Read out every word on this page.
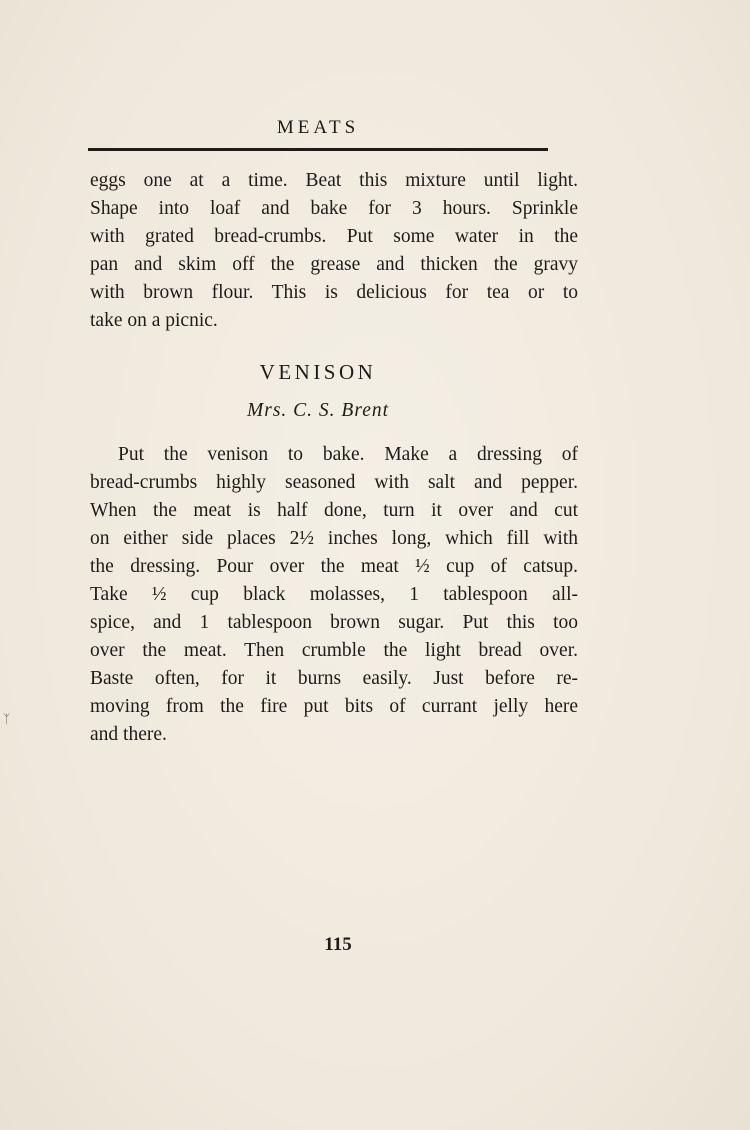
MEATS

eggs one at a time. Beat this mixture until light.
Shape into loaf and bake for 3 hours. Sprinkle
with grated bread-crumbs. Put some water in the
pan and skim off the grease and thicken the gravy
with brown flour. This is delicious for tea or to
take on a picnic.

VENISON
Mrs. C. S. Brent

Put the venison to bake. Make a dressing of
bread-crumbs highly seasoned with salt and pepper.
When the meat is half done, turn it over and cut
on either side places 2½ inches long, which fill with
the dressing. Pour over the meat ½ cup of catsup.
Take ½ cup black molasses, 1 tablespoon all-
spice, and 1 tablespoon brown sugar. Put this too
over the meat. Then crumble the light bread over.
Baste often, for it burns easily. Just before re-
moving from the fire put bits of currant jelly here
and there.

115
ᛉ
